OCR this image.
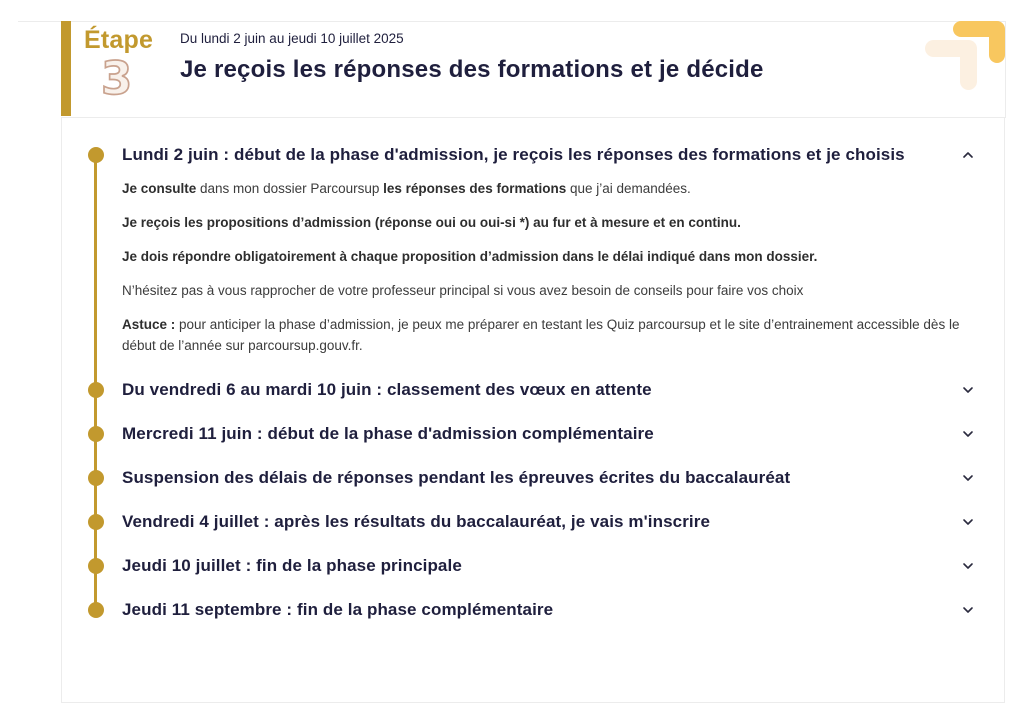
Étape
3
Du lundi 2 juin au jeudi 10 juillet 2025
Je reçois les réponses des formations et je décide
Lundi 2 juin : début de la phase d'admission, je reçois les réponses des formations et je choisis

Je consulte dans mon dossier Parcoursup les réponses des formations que j’ai demandées.

Je reçois les propositions d’admission (réponse oui ou oui-si *) au fur et à mesure et en continu.

Je dois répondre obligatoirement à chaque proposition d’admission dans le délai indiqué dans mon dossier.

N’hésitez pas à vous rapprocher de votre professeur principal si vous avez besoin de conseils pour faire vos choix

Astuce : pour anticiper la phase d’admission, je peux me préparer en testant les Quiz parcoursup et le site d’entrainement accessible dès le début de l’année sur parcoursup.gouv.fr.

Du vendredi 6 au mardi 10 juin : classement des vœux en attente
Mercredi 11 juin : début de la phase d'admission complémentaire
Suspension des délais de réponses pendant les épreuves écrites du baccalauréat
Vendredi 4 juillet : après les résultats du baccalauréat, je vais m'inscrire
Jeudi 10 juillet : fin de la phase principale
Jeudi 11 septembre : fin de la phase complémentaire
